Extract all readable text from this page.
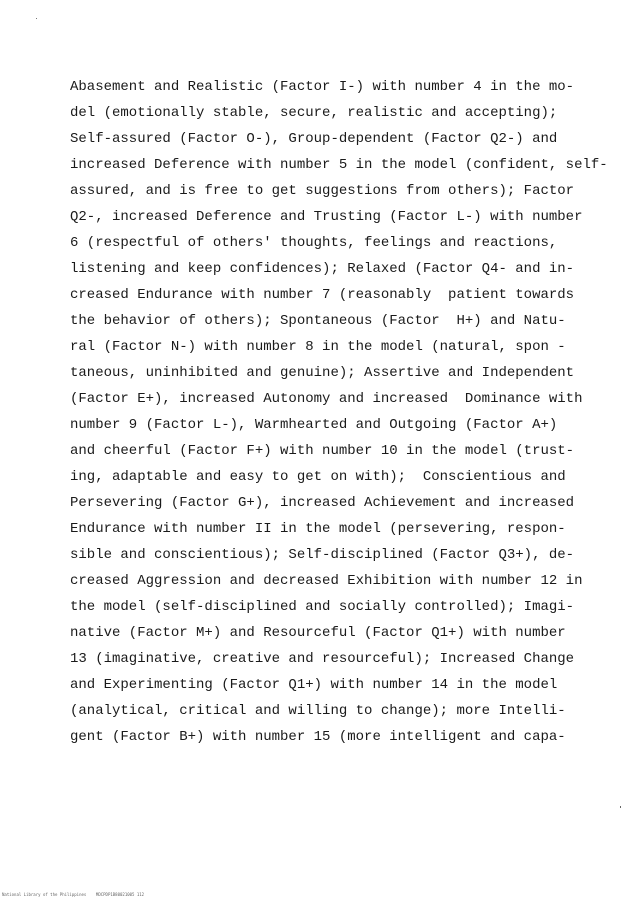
Abasement and Realistic (Factor I-) with number 4 in the mo-
del (emotionally stable, secure, realistic and accepting);
Self-assured (Factor O-), Group-dependent (Factor Q2-) and
increased Deference with number 5 in the model (confident, self-
assured, and is free to get suggestions from others); Factor
Q2-, increased Deference and Trusting (Factor L-) with number
6 (respectful of others' thoughts, feelings and reactions,
listening and keep confidences); Relaxed (Factor Q4- and in-
creased Endurance with number 7 (reasonably  patient towards
the behavior of others); Spontaneous (Factor  H+) and Natu-
ral (Factor N-) with number 8 in the model (natural, spon -
taneous, uninhibited and genuine); Assertive and Independent
(Factor E+), increased Autonomy and increased  Dominance with
number 9 (Factor L-), Warmhearted and Outgoing (Factor A+)
and cheerful (Factor F+) with number 10 in the model (trust-
ing, adaptable and easy to get on with);  Conscientious and
Persevering (Factor G+), increased Achievement and increased
Endurance with number II in the model (persevering, respon-
sible and conscientious); Self-disciplined (Factor Q3+), de-
creased Aggression and decreased Exhibition with number 12 in
the model (self-disciplined and socially controlled); Imagi-
native (Factor M+) and Resourceful (Factor Q1+) with number
13 (imaginative, creative and resourceful); Increased Change
and Experimenting (Factor Q1+) with number 14 in the model
(analytical, critical and willing to change); more Intelli-
gent (Factor B+) with number 15 (more intelligent and capa-
National Library of the Philippines    MDCPDP1B80021005 112
